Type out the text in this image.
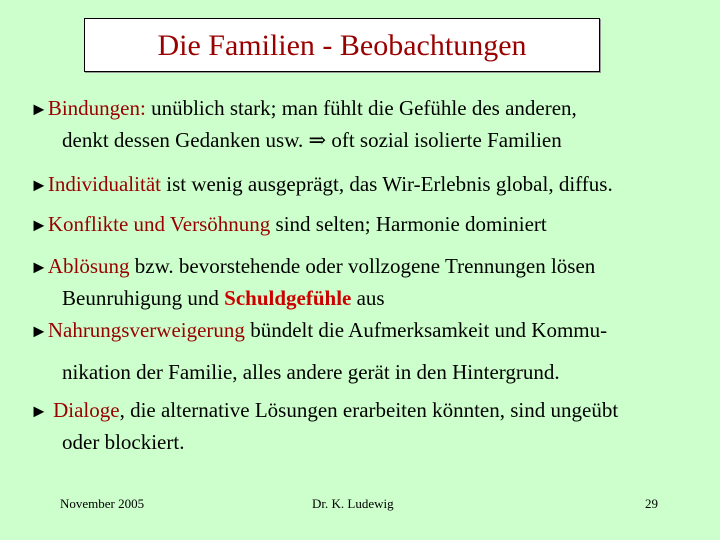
Die Familien - Beobachtungen
►Bindungen: unüblich stark; man fühlt die Gefühle des anderen,
denkt dessen Gedanken usw. ⇒ oft sozial isolierte Familien
►Individualität ist wenig ausgeprägt, das Wir-Erlebnis global, diffus.
►Konflikte und Versöhnung sind selten; Harmonie dominiert
►Ablösung bzw. bevorstehende oder vollzogene Trennungen lösen
Beunruhigung und Schuldgefühle aus
►Nahrungsverweigerung bündelt die Aufmerksamkeit und Kommu-
nikation der Familie, alles andere gerät in den Hintergrund.
► Dialoge, die alternative Lösungen erarbeiten könnten, sind ungeübt
oder blockiert.
November 2005	Dr. K. Ludewig	29
